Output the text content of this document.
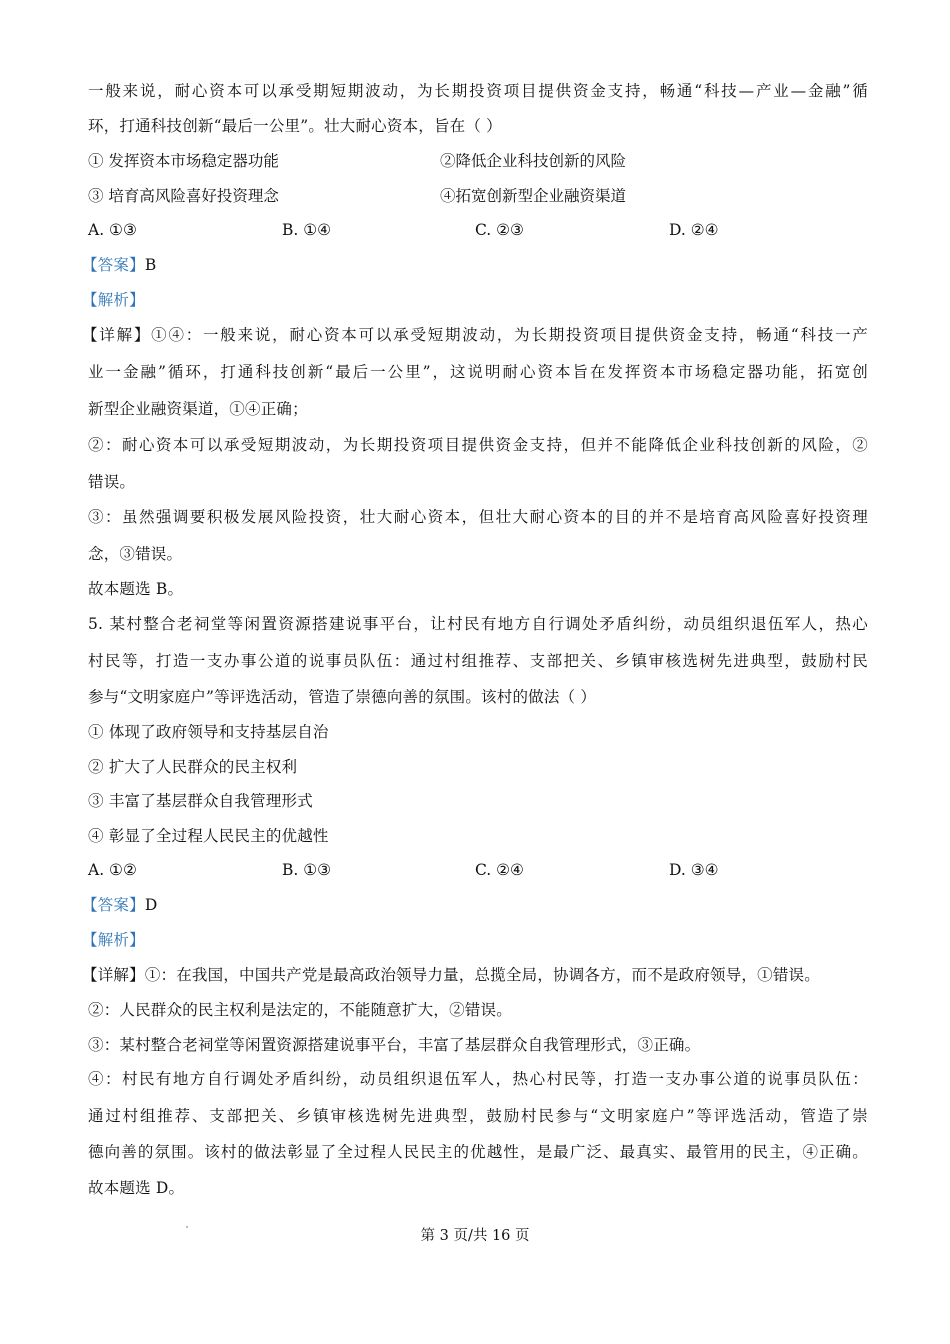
一般来说，耐心资本可以承受期短期波动，为长期投资项目提供资金支持，畅通“科技—产业—金融”循
环，打通科技创新“最后一公里”。壮大耐心资本，旨在（ ）
① 发挥资本市场稳定器功能	②降低企业科技创新的风险
③ 培育高风险喜好投资理念	④拓宽创新型企业融资渠道
A. ①③	B. ①④	C. ②③	D. ②④
【答案】B
【解析】
【详解】①④：一般来说，耐心资本可以承受短期波动，为长期投资项目提供资金支持，畅通“科技一产
业一金融”循环，打通科技创新“最后一公里”，这说明耐心资本旨在发挥资本市场稳定器功能，拓宽创
新型企业融资渠道，①④正确；
②：耐心资本可以承受短期波动，为长期投资项目提供资金支持，但并不能降低企业科技创新的风险，②
错误。
③：虽然强调要积极发展风险投资，壮大耐心资本，但壮大耐心资本的目的并不是培育高风险喜好投资理
念，③错误。
故本题选 B。
5. 某村整合老祠堂等闲置资源搭建说事平台，让村民有地方自行调处矛盾纠纷，动员组织退伍军人，热心
村民等，打造一支办事公道的说事员队伍：通过村组推荐、支部把关、乡镇审核选树先进典型，鼓励村民
参与“文明家庭户”等评选活动，管造了崇德向善的氛围。该村的做法（ ）
① 体现了政府领导和支持基层自治
② 扩大了人民群众的民主权利
③ 丰富了基层群众自我管理形式
④ 彰显了全过程人民民主的优越性
A. ①②	B. ①③	C. ②④	D. ③④
【答案】D
【解析】
【详解】①：在我国，中国共产党是最高政治领导力量，总揽全局，协调各方，而不是政府领导，①错误。
②：人民群众的民主权利是法定的，不能随意扩大，②错误。
③：某村整合老祠堂等闲置资源搭建说事平台，丰富了基层群众自我管理形式，③正确。
④：村民有地方自行调处矛盾纠纷，动员组织退伍军人，热心村民等，打造一支办事公道的说事员队伍：
通过村组推荐、支部把关、乡镇审核选树先进典型，鼓励村民参与“文明家庭户”等评选活动，管造了崇
德向善的氛围。该村的做法彰显了全过程人民民主的优越性，是最广泛、最真实、最管用的民主，④正确。
故本题选 D。
第 3 页/共 16 页
